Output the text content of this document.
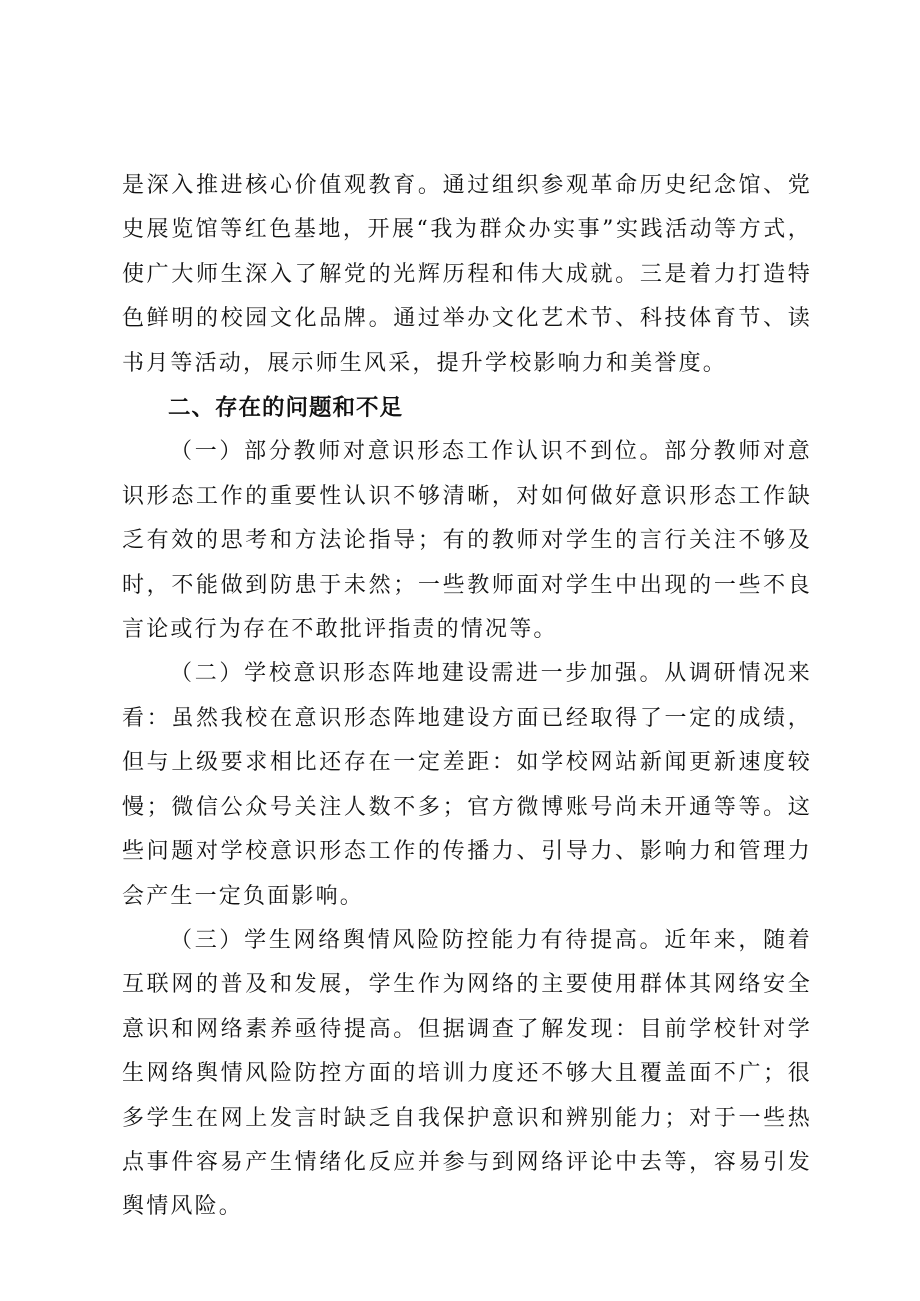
是深入推进核心价值观教育。通过组织参观革命历史纪念馆、党史展览馆等红色基地，开展“我为群众办实事”实践活动等方式，使广大师生深入了解党的光辉历程和伟大成就。三是着力打造特色鲜明的校园文化品牌。通过举办文化艺术节、科技体育节、读书月等活动，展示师生风采，提升学校影响力和美誉度。

二、存在的问题和不足

（一）部分教师对意识形态工作认识不到位。部分教师对意识形态工作的重要性认识不够清晰，对如何做好意识形态工作缺乏有效的思考和方法论指导；有的教师对学生的言行关注不够及时，不能做到防患于未然；一些教师面对学生中出现的一些不良言论或行为存在不敢批评指责的情况等。

（二）学校意识形态阵地建设需进一步加强。从调研情况来看：虽然我校在意识形态阵地建设方面已经取得了一定的成绩，但与上级要求相比还存在一定差距：如学校网站新闻更新速度较慢；微信公众号关注人数不多；官方微博账号尚未开通等等。这些问题对学校意识形态工作的传播力、引导力、影响力和管理力会产生一定负面影响。

（三）学生网络舆情风险防控能力有待提高。近年来，随着互联网的普及和发展，学生作为网络的主要使用群体其网络安全意识和网络素养亟待提高。但据调查了解发现：目前学校针对学生网络舆情风险防控方面的培训力度还不够大且覆盖面不广；很多学生在网上发言时缺乏自我保护意识和辨别能力；对于一些热点事件容易产生情绪化反应并参与到网络评论中去等，容易引发舆情风险。
